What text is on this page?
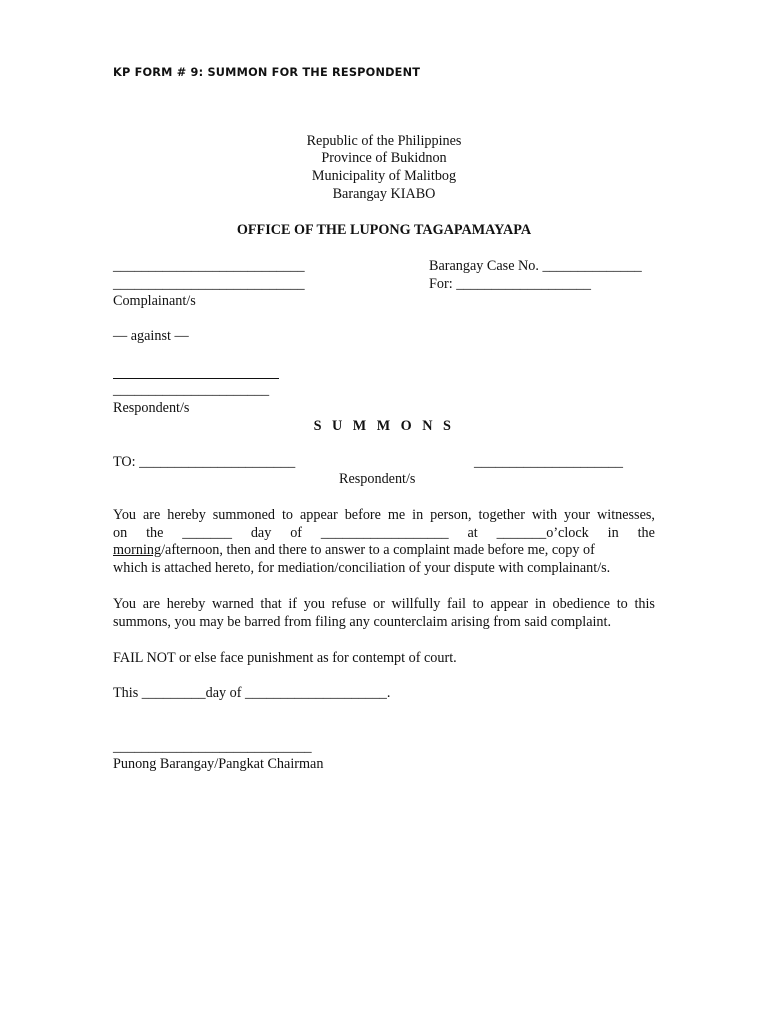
KP FORM # 9: SUMMON FOR THE RESPONDENT
Republic of the Philippines
Province of Bukidnon
Municipality of Malitbog
Barangay KIABO
OFFICE OF THE LUPONG TAGAPAMAYAPA
___________________________
___________________________
Complainant/s
Barangay Case No. ______________
For: ___________________
— against —
______________________
Respondent/s
S U M M O N S
TO: ______________________	_____________________
Respondent/s
You are hereby summoned to appear before me in person, together with your witnesses,
on the _______ day of __________________ at _______o’clock in the
morning/afternoon, then and there to answer to a complaint made before me, copy of
which is attached hereto, for mediation/conciliation of your dispute with complainant/s.
You are hereby warned that if you refuse or willfully fail to appear in obedience to this
summons, you may be barred from filing any counterclaim arising from said complaint.
FAIL NOT or else face punishment as for contempt of court.
This _________day of ____________________.
____________________________
Punong Barangay/Pangkat Chairman
